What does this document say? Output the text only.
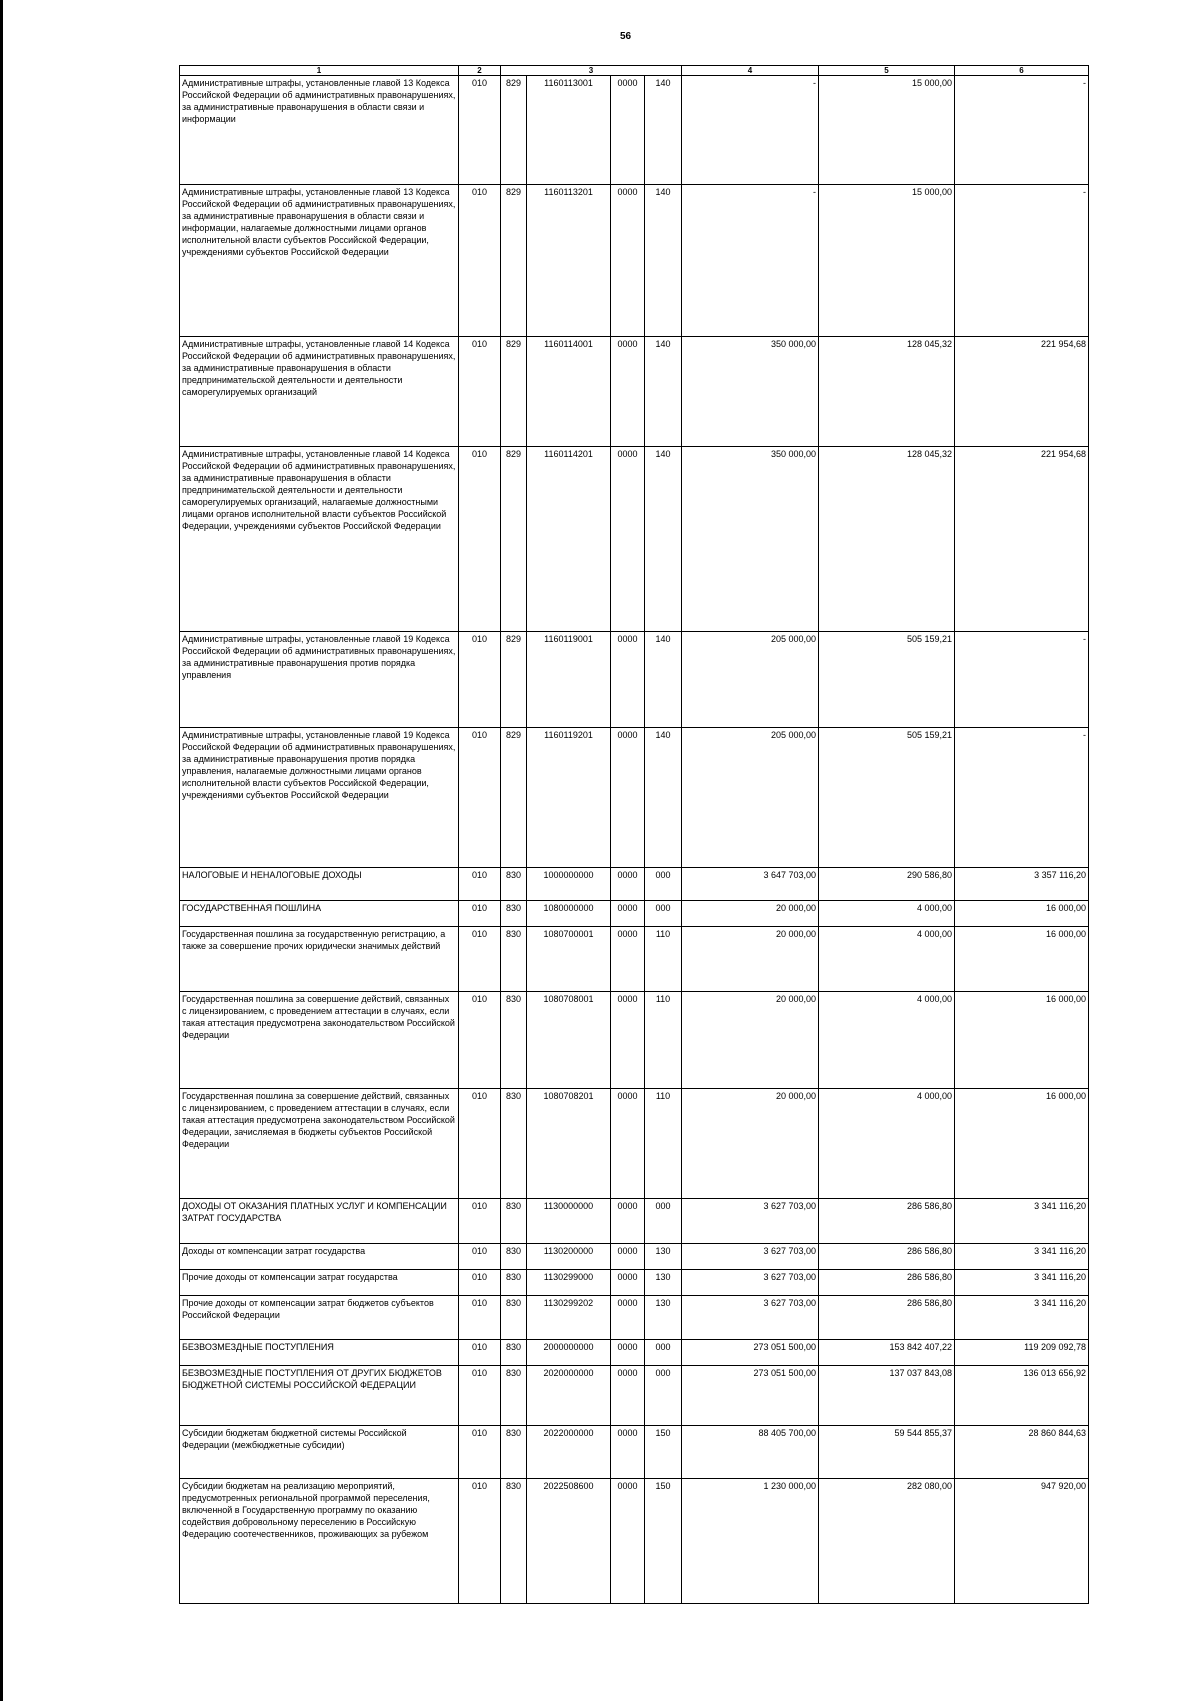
56
1	2	3				4	5	6
Административные штрафы, установленные главой 13 Кодекса Российской Федерации об административных правонарушениях, за административные правонарушения в области связи и информации	010	829	1160113001	0000	140	-	15 000,00	-
Административные штрафы, установленные главой 13 Кодекса Российской Федерации об административных правонарушениях, за административные правонарушения в области связи и информации, налагаемые должностными лицами органов исполнительной власти субъектов Российской Федерации, учреждениями субъектов Российской Федерации	010	829	1160113201	0000	140	-	15 000,00	-
Административные штрафы, установленные главой 14 Кодекса Российской Федерации об административных правонарушениях, за административные правонарушения в области предпринимательской деятельности и деятельности саморегулируемых организаций	010	829	1160114001	0000	140	350 000,00	128 045,32	221 954,68
Административные штрафы, установленные главой 14 Кодекса Российской Федерации об административных правонарушениях, за административные правонарушения в области предпринимательской деятельности и деятельности саморегулируемых организаций, налагаемые должностными лицами органов исполнительной власти субъектов Российской Федерации, учреждениями субъектов Российской Федерации	010	829	1160114201	0000	140	350 000,00	128 045,32	221 954,68
Административные штрафы, установленные главой 19 Кодекса Российской Федерации об административных правонарушениях, за административные правонарушения против порядка управления	010	829	1160119001	0000	140	205 000,00	505 159,21	-
Административные штрафы, установленные главой 19 Кодекса Российской Федерации об административных правонарушениях, за административные правонарушения против порядка управления, налагаемые должностными лицами органов исполнительной власти субъектов Российской Федерации, учреждениями субъектов Российской Федерации	010	829	1160119201	0000	140	205 000,00	505 159,21	-
НАЛОГОВЫЕ И НЕНАЛОГОВЫЕ ДОХОДЫ	010	830	1000000000	0000	000	3 647 703,00	290 586,80	3 357 116,20
ГОСУДАРСТВЕННАЯ ПОШЛИНА	010	830	1080000000	0000	000	20 000,00	4 000,00	16 000,00
Государственная пошлина за государственную регистрацию, а также за совершение прочих юридически значимых действий	010	830	1080700001	0000	110	20 000,00	4 000,00	16 000,00
Государственная пошлина за совершение действий, связанных с лицензированием, с проведением аттестации в случаях, если такая аттестация предусмотрена законодательством Российской Федерации	010	830	1080708001	0000	110	20 000,00	4 000,00	16 000,00
Государственная пошлина за совершение действий, связанных с лицензированием, с проведением аттестации в случаях, если такая аттестация предусмотрена законодательством Российской Федерации, зачисляемая в бюджеты субъектов Российской Федерации	010	830	1080708201	0000	110	20 000,00	4 000,00	16 000,00
ДОХОДЫ ОТ ОКАЗАНИЯ ПЛАТНЫХ УСЛУГ И КОМПЕНСАЦИИ ЗАТРАТ ГОСУДАРСТВА	010	830	1130000000	0000	000	3 627 703,00	286 586,80	3 341 116,20
Доходы от компенсации затрат государства	010	830	1130200000	0000	130	3 627 703,00	286 586,80	3 341 116,20
Прочие доходы от компенсации затрат государства	010	830	1130299000	0000	130	3 627 703,00	286 586,80	3 341 116,20
Прочие доходы от компенсации затрат бюджетов субъектов Российской Федерации	010	830	1130299202	0000	130	3 627 703,00	286 586,80	3 341 116,20
БЕЗВОЗМЕЗДНЫЕ ПОСТУПЛЕНИЯ	010	830	2000000000	0000	000	273 051 500,00	153 842 407,22	119 209 092,78
БЕЗВОЗМЕЗДНЫЕ ПОСТУПЛЕНИЯ ОТ ДРУГИХ БЮДЖЕТОВ БЮДЖЕТНОЙ СИСТЕМЫ РОССИЙСКОЙ ФЕДЕРАЦИИ	010	830	2020000000	0000	000	273 051 500,00	137 037 843,08	136 013 656,92
Субсидии бюджетам бюджетной системы Российской Федерации (межбюджетные субсидии)	010	830	2022000000	0000	150	88 405 700,00	59 544 855,37	28 860 844,63
Субсидии бюджетам на реализацию мероприятий, предусмотренных региональной программой переселения, включенной в Государственную программу по оказанию содействия добровольному переселению в Российскую Федерацию соотечественников, проживающих за рубежом	010	830	2022508600	0000	150	1 230 000,00	282 080,00	947 920,00
